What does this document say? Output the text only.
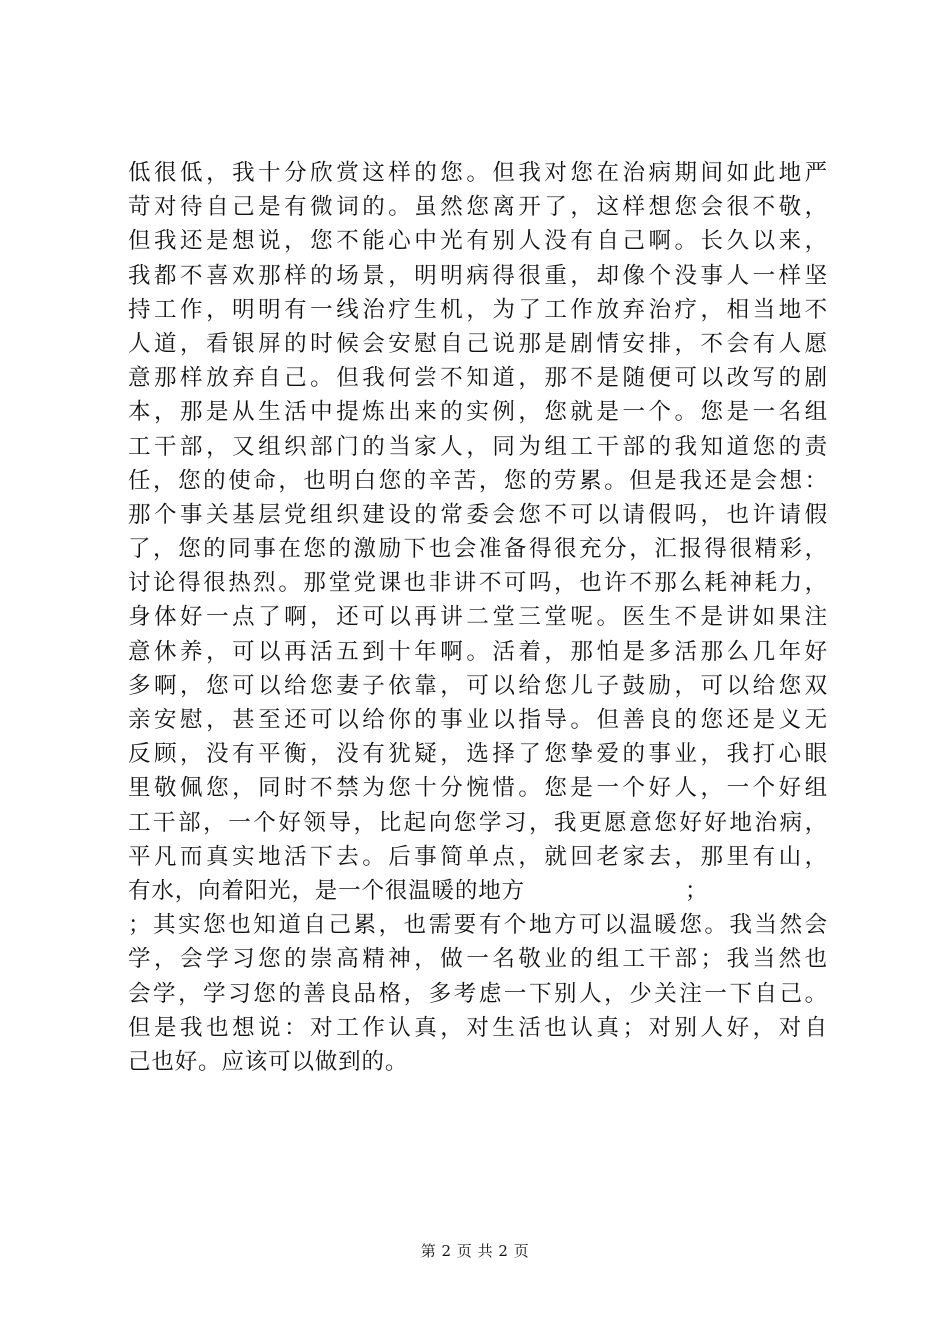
低很低，我十分欣赏这样的您。但我对您在治病期间如此地严
苛对待自己是有微词的。虽然您离开了，这样想您会很不敬，
但我还是想说，您不能心中光有别人没有自己啊。长久以来，
我都不喜欢那样的场景，明明病得很重，却像个没事人一样坚
持工作，明明有一线治疗生机，为了工作放弃治疗，相当地不
人道，看银屏的时候会安慰自己说那是剧情安排，不会有人愿
意那样放弃自己。但我何尝不知道，那不是随便可以改写的剧
本，那是从生活中提炼出来的实例，您就是一个。您是一名组
工干部，又组织部门的当家人，同为组工干部的我知道您的责
任，您的使命，也明白您的辛苦，您的劳累。但是我还是会想：
那个事关基层党组织建设的常委会您不可以请假吗，也许请假
了，您的同事在您的激励下也会准备得很充分，汇报得很精彩，
讨论得很热烈。那堂党课也非讲不可吗，也许不那么耗神耗力，
身体好一点了啊，还可以再讲二堂三堂呢。医生不是讲如果注
意休养，可以再活五到十年啊。活着，那怕是多活那么几年好
多啊，您可以给您妻子依靠，可以给您儿子鼓励，可以给您双
亲安慰，甚至还可以给你的事业以指导。但善良的您还是义无
反顾，没有平衡，没有犹疑，选择了您挚爱的事业，我打心眼
里敬佩您，同时不禁为您十分惋惜。您是一个好人，一个好组
工干部，一个好领导，比起向您学习，我更愿意您好好地治病，
平凡而真实地活下去。后事简单点，就回老家去，那里有山，
有水，向着阳光，是一个很温暖的地方                    ；
；其实您也知道自己累，也需要有个地方可以温暖您。我当然会
学，会学习您的崇高精神，做一名敬业的组工干部；我当然也
会学，学习您的善良品格，多考虑一下别人，少关注一下自己。
但是我也想说：对工作认真，对生活也认真；对别人好，对自
己也好。应该可以做到的。
第 2 页 共 2 页
